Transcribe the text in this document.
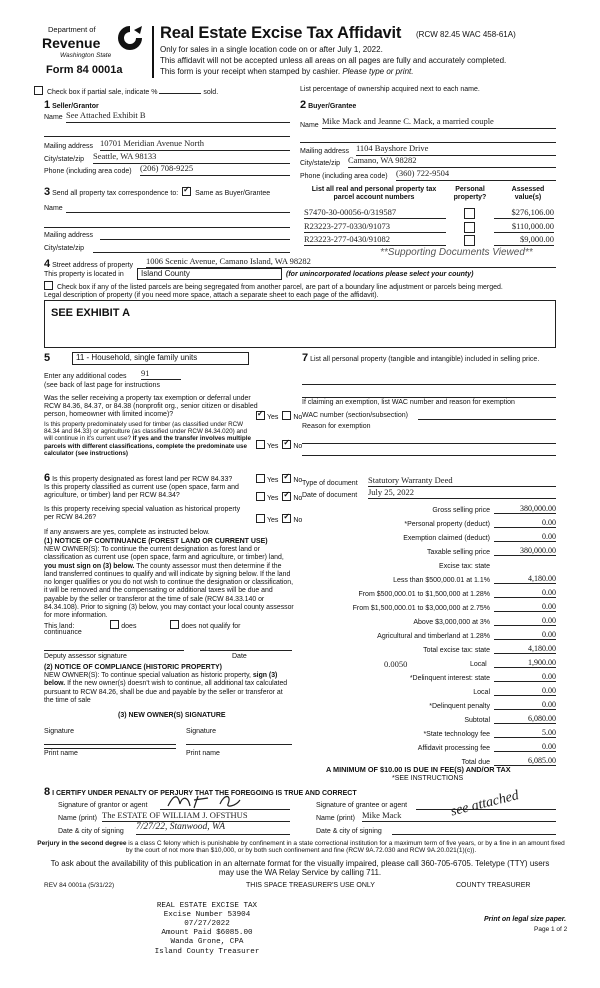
Department of
Revenue
Washington State
Form 84 0001a
Real Estate Excise Tax Affidavit (RCW 82.45 WAC 458-61A)
Only for sales in a single location code on or after July 1, 2022.
This affidavit will not be accepted unless all areas on all pages are fully and accurately completed.
This form is your receipt when stamped by cashier. Please type or print.
Check box if partial sale, indicate %	sold.	List percentage of ownership acquired next to each name.
1 Seller/Grantor
Name See Attached Exhibit B
Mailing address 10701 Meridian Avenue North
City/state/zip Seattle, WA 98133
Phone (including area code) (206) 708-9225
2 Buyer/Grantee
Name Mike Mack and Jeanne C. Mack, a married couple
Mailing address 1104 Bayshore Drive
City/state/zip Camano, WA 98282
Phone (including area code) (360) 722-9504
3 Send all property tax correspondence to: ✓ Same as Buyer/Grantee
Name
Mailing address
City/state/zip
List all real and personal property tax parcel account numbers
Personal property?
Assessed value(s)
S7470-30-00056-0/319587	$276,106.00
R23223-277-0330/91073	$110,000.00
R23223-277-0430/91082	$9,000.00
**Supporting Documents Viewed**
4 Street address of property 1006 Scenic Avenue, Camano Island, WA 98282
This property is located in	Island County	(for unincorporated locations please select your county)
Check box if any of the listed parcels are being segregated from another parcel, are part of a boundary line adjustment or parcels being merged.
Legal description of property (if you need more space, attach a separate sheet to each page of the affidavit).
SEE EXHIBIT A
5	11 - Household, single family units
Enter any additional codes 91
(see back of last page for instructions
Was the seller receiving a property tax exemption or deferral under RCW 84.36, 84.37, or 84.38 (nonprofit org., senior citizen or disabled person, homeowner with limited income)? ✓	Yes No
Is this property predominately used for timber (as classified under RCW 84.34 and 84.33) or agriculture (as classified under RCW 84.34.020) and will continue in it's current use? If yes and the transfer involves multiple parcels with different classifications, complete the predominate use calculator (see instructions)
Yes ✓ No
7 List all personal property (tangible and intangible) included in selling price.
If claiming an exemption, list WAC number and reason for exemption
WAC number (section/subsection)
Reason for exemption
6 Is this property designated as forest land per RCW 84.33?	Yes ✓ No
Is this property classified as current use (open space, farm and agriculture, or timber) land per RCW 84.34?	Yes ✓ No
Is this property receiving special valuation as historical property per RCW 84.26?	Yes ✓ No
If any answers are yes, complete as instructed below.
(1) NOTICE OF CONTINUANCE (FOREST LAND OR CURRENT USE)
NEW OWNER(S): To continue the current designation as forest land or classification as current use (open space, farm and agriculture, or timber) land, you must sign on (3) below. The county assessor must then determine if the land transferred continues to qualify and will indicate by signing below. If the land no longer qualifies or you do not wish to continue the designation or classification, it will be removed and the compensating or additional taxes will be due and payable by the seller or transferor at the time of sale (RCW 84.33.140 or 84.34.108). Prior to signing (3) below, you may contact your local county assessor for more information.
This land:	does	does not qualify for
continuance
Deputy assessor signature	Date
(2) NOTICE OF COMPLIANCE (HISTORIC PROPERTY)
NEW OWNER(S): To continue special valuation as historic property, sign (3) below. If the new owner(s) doesn't wish to continue, all additional tax calculated pursuant to RCW 84.26, shall be due and payable by the seller or transferor at the time of sale
(3) NEW OWNER(S) SIGNATURE
Signature	Signature
Print name	Print name
Type of document Statutory Warranty Deed
Date of document July 25, 2022
Gross selling price	380,000.00
*Personal property (deduct)	0.00
Exemption claimed (deduct)	0.00
Taxable selling price	380,000.00
Excise tax: state
Less than $500,000.01 at 1.1%	4,180.00
From $500,000.01 to $1,500,000 at 1.28%	0.00
From $1,500,000.01 to $3,000,000 at 2.75%	0.00
Above $3,000,000 at 3%	0.00
Agricultural and timberland at 1.28%	0.00
Total excise tax: state	4,180.00
0.0050	Local	1,900.00
*Delinquent interest: state	0.00
Local	0.00
*Delinquent penalty	0.00
Subtotal	6,080.00
*State technology fee	5.00
Affidavit processing fee	0.00
Total due	6,085.00
A MINIMUM OF $10.00 IS DUE IN FEE(S) AND/OR TAX
*SEE INSTRUCTIONS
8 I CERTIFY UNDER PENALTY OF PERJURY THAT THE FOREGOING IS TRUE AND CORRECT
Signature of grantor or agent
Name (print) The ESTATE OF WILLIAM J. OFSTHUS
Date & city of signing 7/27/22, Stanwood, WA
Signature of grantee or agent
Name (print) Mike Mack
Date & city of signing
see attached
Perjury in the second degree is a class C felony which is punishable by confinement in a state correctional institution for a maximum term of five years, or by a fine in an amount fixed by the court of not more than $10,000, or by both such confinement and fine (RCW 9A.72.030 and RCW 9A.20.021(1)(c)).
To ask about the availability of this publication in an alternate format for the visually impaired, please call 360-705-6705. Teletype (TTY) users may use the WA Relay Service by calling 711.
REV 84 0001a (5/31/22)	THIS SPACE TREASURER'S USE ONLY	COUNTY TREASURER
REAL ESTATE EXCISE TAX
Excise Number 53904
07/27/2022
Amount Paid $6085.00
Wanda Grone, CPA
Island County Treasurer
Print on legal size paper.
Page 1 of 2
